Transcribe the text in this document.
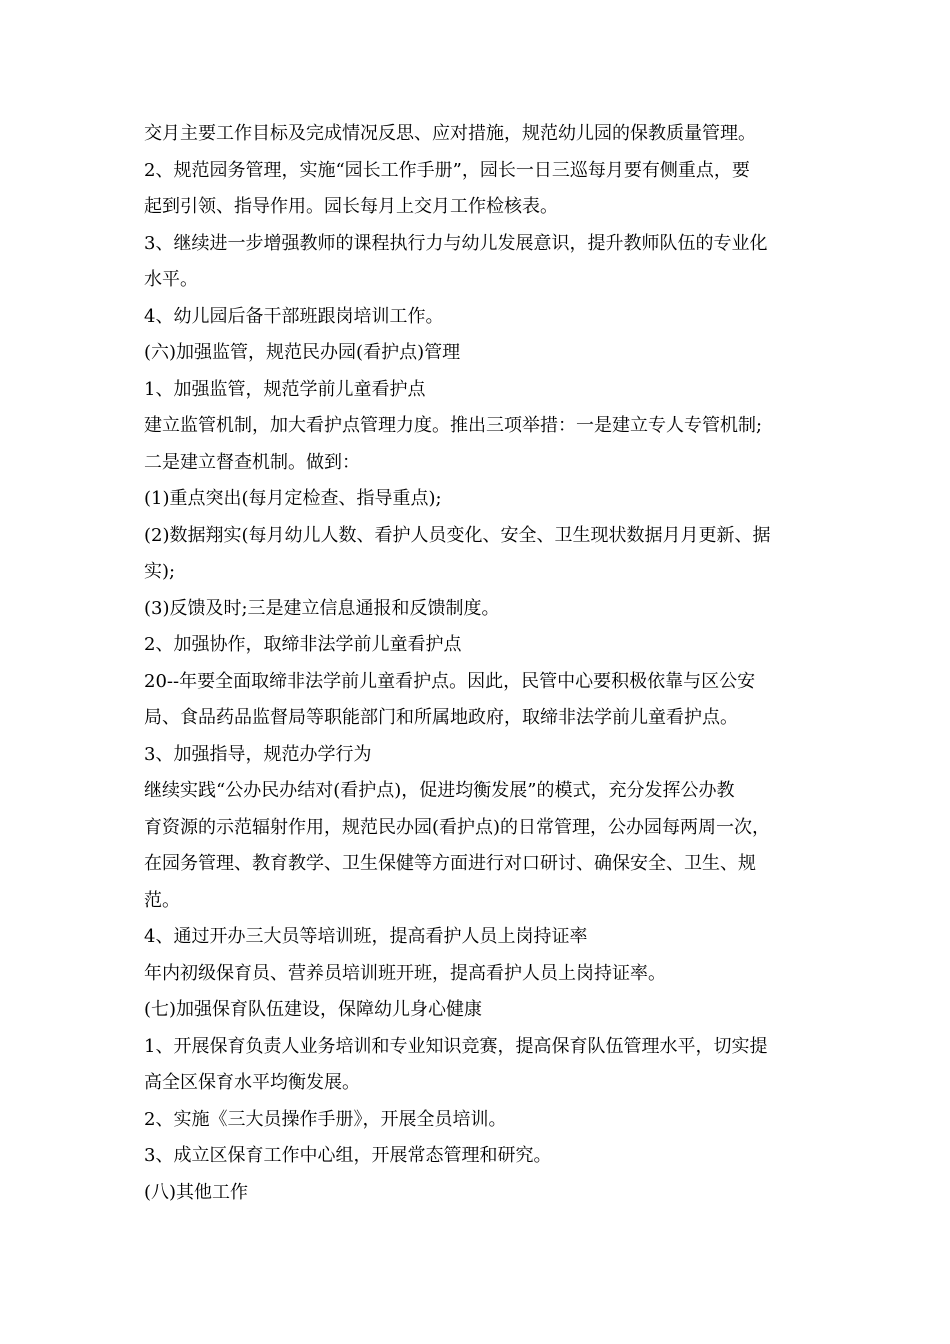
交月主要工作目标及完成情况反思、应对措施，规范幼儿园的保教质量管理。
2、规范园务管理，实施“园长工作手册”，园长一日三巡每月要有侧重点，要
起到引领、指导作用。园长每月上交月工作检核表。
3、继续进一步增强教师的课程执行力与幼儿发展意识，提升教师队伍的专业化
水平。
4、幼儿园后备干部班跟岗培训工作。
(六)加强监管，规范民办园(看护点)管理
1、加强监管，规范学前儿童看护点
建立监管机制，加大看护点管理力度。推出三项举措：一是建立专人专管机制;
二是建立督查机制。做到：
(1)重点突出(每月定检查、指导重点);
(2)数据翔实(每月幼儿人数、看护人员变化、安全、卫生现状数据月月更新、据
实);
(3)反馈及时;三是建立信息通报和反馈制度。
2、加强协作，取缔非法学前儿童看护点
20--年要全面取缔非法学前儿童看护点。因此，民管中心要积极依靠与区公安
局、食品药品监督局等职能部门和所属地政府，取缔非法学前儿童看护点。
3、加强指导，规范办学行为
继续实践“公办民办结对(看护点)，促进均衡发展”的模式，充分发挥公办教
育资源的示范辐射作用，规范民办园(看护点)的日常管理，公办园每两周一次，
在园务管理、教育教学、卫生保健等方面进行对口研讨、确保安全、卫生、规
范。
4、通过开办三大员等培训班，提高看护人员上岗持证率
年内初级保育员、营养员培训班开班，提高看护人员上岗持证率。
(七)加强保育队伍建设，保障幼儿身心健康
1、开展保育负责人业务培训和专业知识竞赛，提高保育队伍管理水平，切实提
高全区保育水平均衡发展。
2、实施《三大员操作手册》，开展全员培训。
3、成立区保育工作中心组，开展常态管理和研究。
(八)其他工作
